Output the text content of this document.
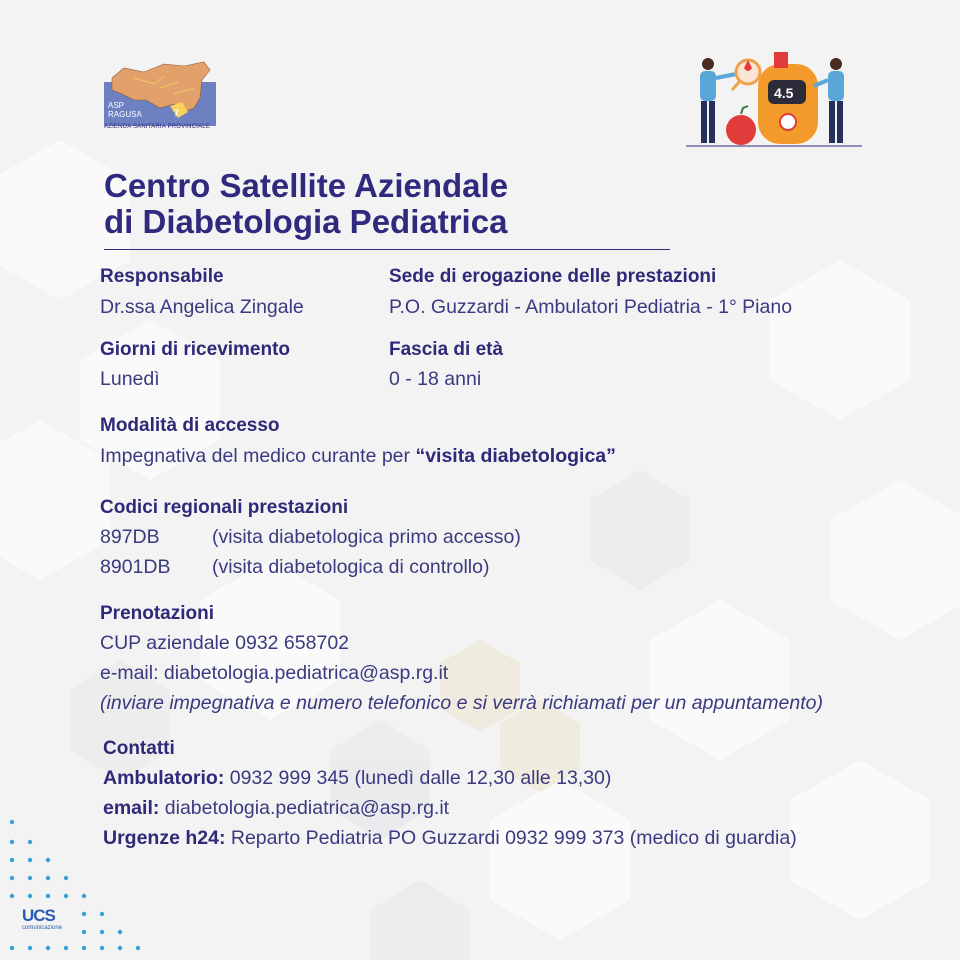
ASP
RAGUSA	7
AZIENDA SANITARIA PROVINCIALE
4.5
Centro Satellite Aziendale
di Diabetologia Pediatrica
Responsabile
Dr.ssa Angelica Zingale
Sede di erogazione delle prestazioni
P.O. Guzzardi - Ambulatori Pediatria - 1° Piano
Giorni di ricevimento
Lunedì
Fascia di età
0 - 18 anni
Modalità di accesso
Impegnativa del medico curante per “visita diabetologica”
Codici regionali prestazioni
897DB	(visita diabetologica primo accesso)
8901DB (visita diabetologica di controllo)
Prenotazioni
CUP aziendale 0932 658702
e-mail: diabetologia.pediatrica@asp.rg.it
(inviare impegnativa e numero telefonico e si verrà richiamati per un appuntamento)
Contatti
Ambulatorio: 0932 999 345 (lunedì dalle 12,30 alle 13,30)
email: diabetologia.pediatrica@asp.rg.it
Urgenze h24: Reparto Pediatria PO Guzzardi 0932 999 373 (medico di guardia)
UCS
comunicazione
